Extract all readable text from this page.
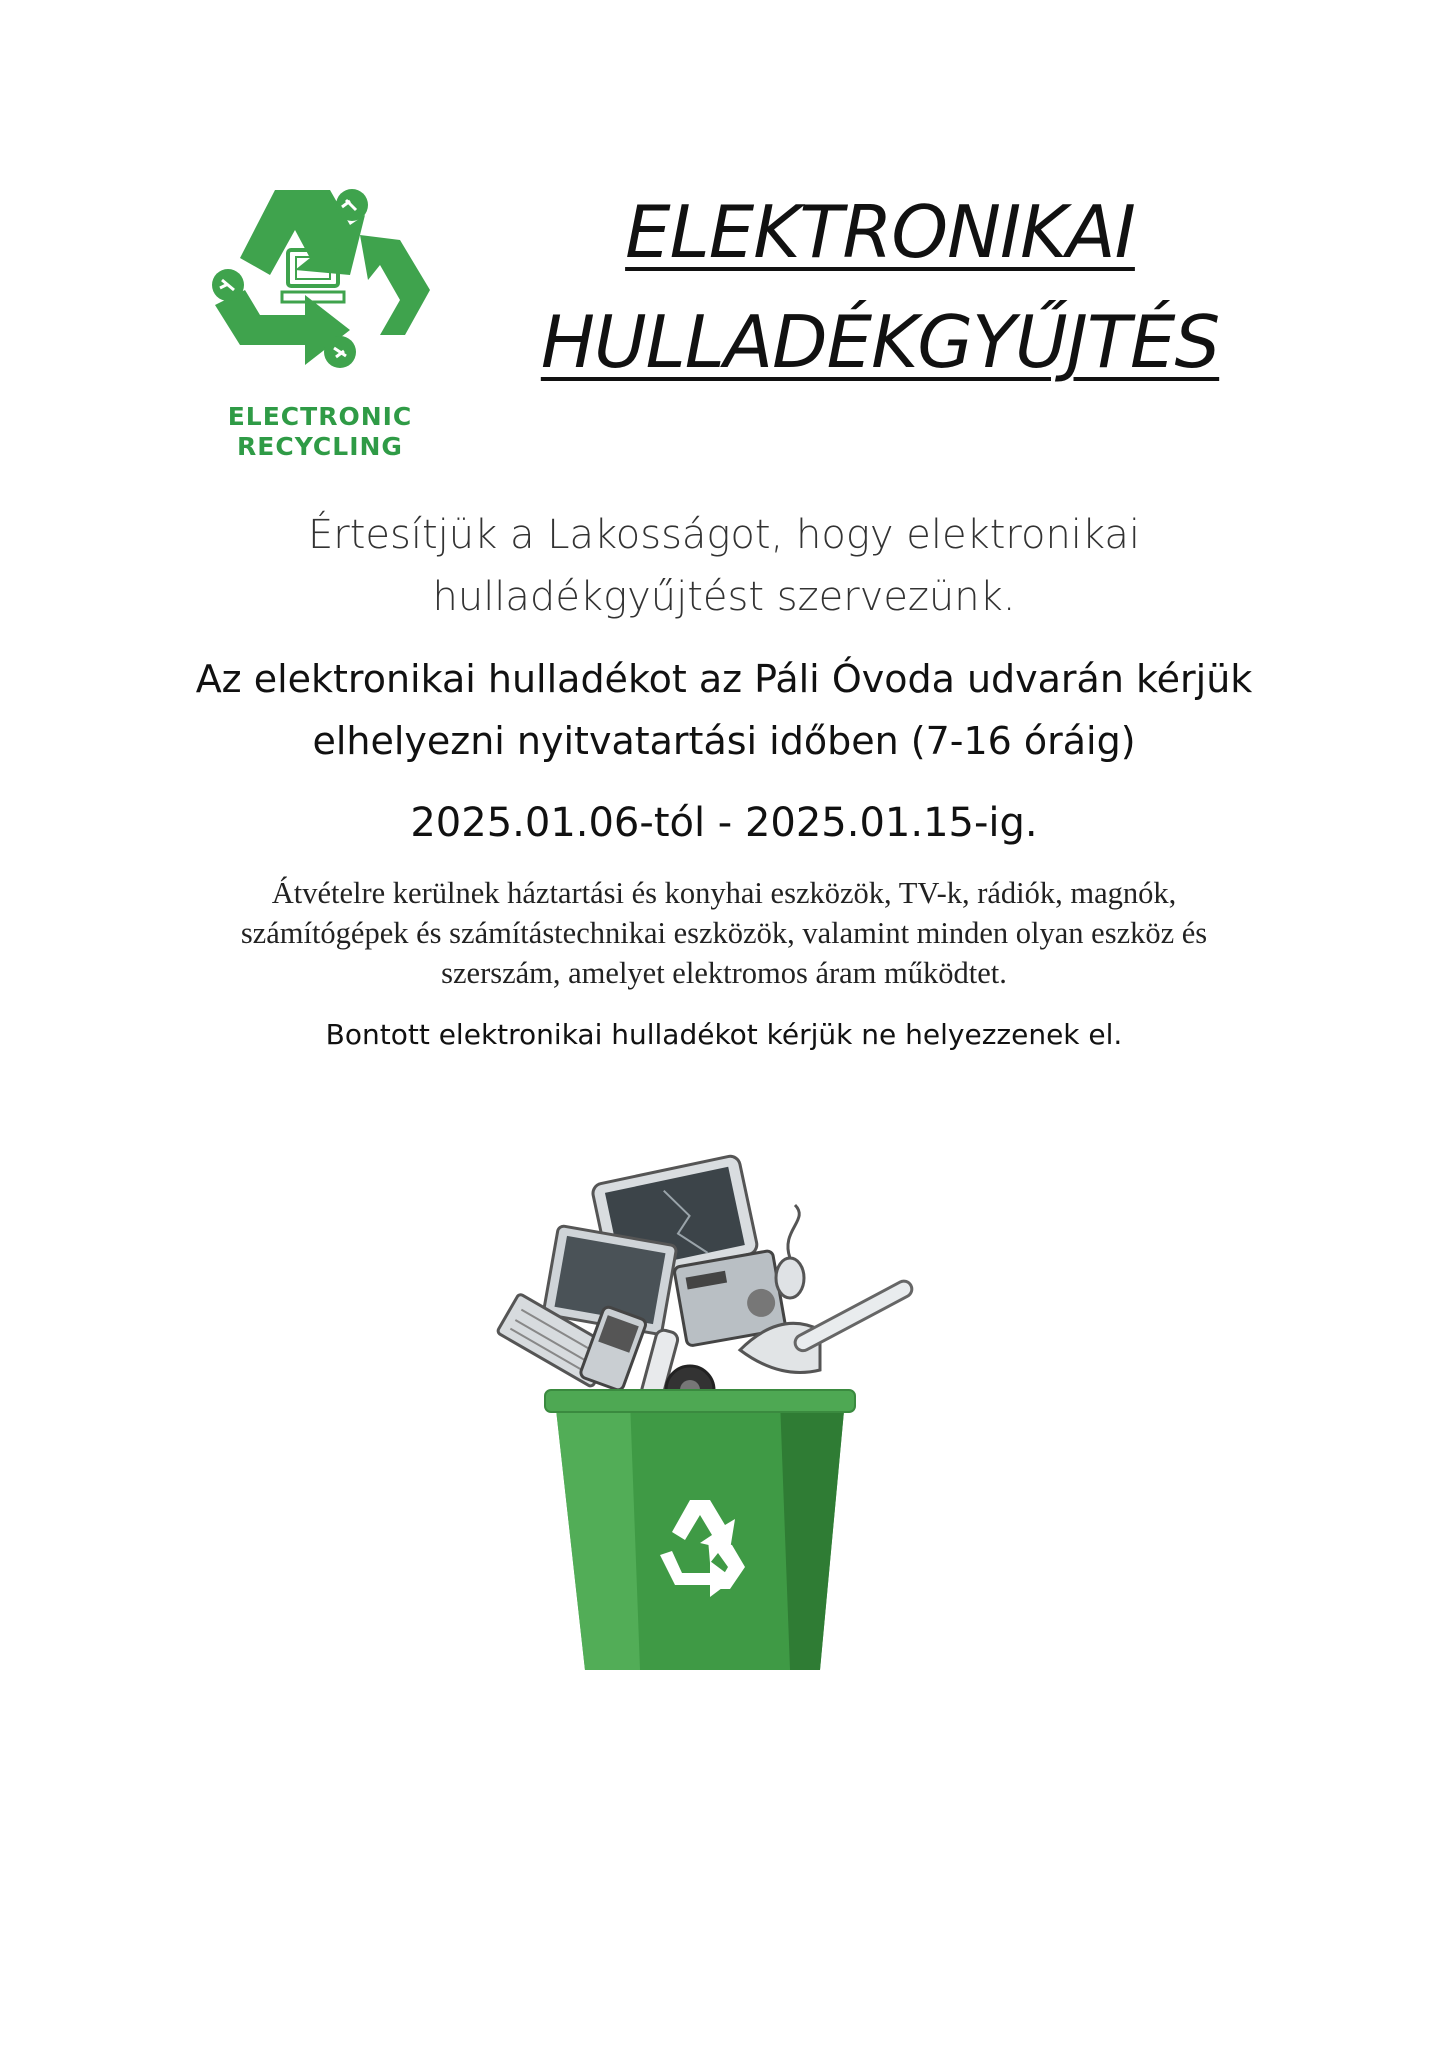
ELECTRONIC
RECYCLING
ELEKTRONIKAI
HULLADÉKGYŰJTÉS
Értesítjük a Lakosságot, hogy elektronikai
hulladékgyűjtést szervezünk.
Az elektronikai hulladékot az Páli Óvoda udvarán kérjük
elhelyezni nyitvatartási időben (7-16 óráig)
2025.01.06-tól - 2025.01.15-ig.
Átvételre kerülnek háztartási és konyhai eszközök, TV-k, rádiók, magnók,
számítógépek és számítástechnikai eszközök, valamint minden olyan eszköz és
szerszám, amelyet elektromos áram működtet.
Bontott elektronikai hulladékot kérjük ne helyezzenek el.
